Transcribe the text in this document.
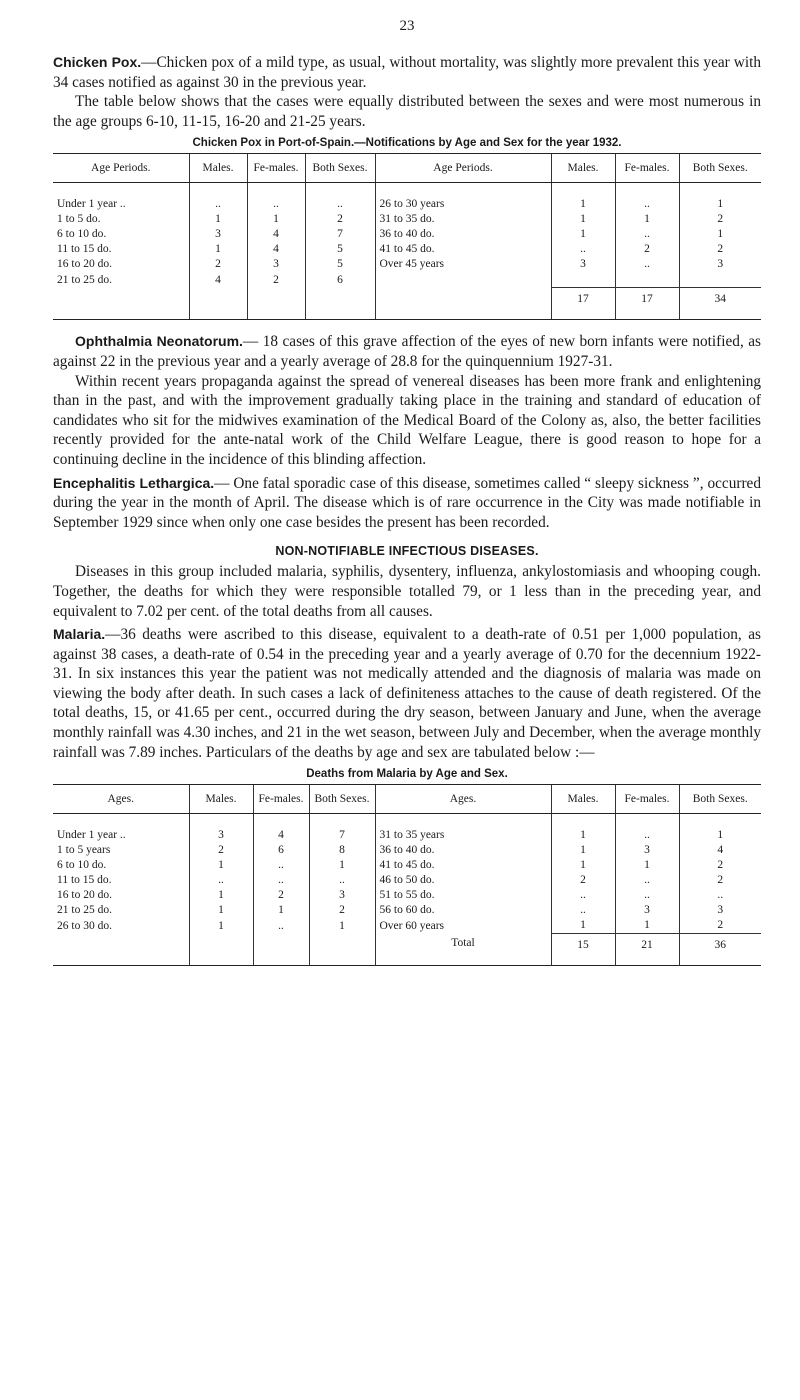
23

Chicken Pox.—Chicken pox of a mild type, as usual, without mortality, was slightly more prevalent this year with 34 cases notified as against 30 in the previous year.

The table below shows that the cases were equally distributed between the sexes and were most numerous in the age groups 6-10, 11-15, 16-20 and 21-25 years.

Chicken Pox in Port-of-Spain.—Notifications by Age and Sex for the year 1932.
Age Periods.	Males.	Fe-males.	Both Sexes.	Age Periods.	Males.	Fe-males.	Both Sexes.
Under 1 year ..	..	..	..	26 to 30 years	1	..	1
1 to 5 do.	1	1	2	31 to 35 do.	1	1	2
6 to 10 do.	3	4	7	36 to 40 do.	1	..	1
11 to 15 do.	1	4	5	41 to 45 do.	..	2	2
16 to 20 do.	2	3	5	Over 45 years	3	..	3
21 to 25 do.	4	2	6				
					17	17	34

Ophthalmia Neonatorum.— 18 cases of this grave affection of the eyes of new born infants were notified, as against 22 in the previous year and a yearly average of 28.8 for the quinquennium 1927-31.

Within recent years propaganda against the spread of venereal diseases has been more frank and enlightening than in the past, and with the improvement gradually taking place in the training and standard of education of candidates who sit for the midwives examination of the Medical Board of the Colony as, also, the better facilities recently provided for the ante-natal work of the Child Welfare League, there is good reason to hope for a continuing decline in the incidence of this blinding affection.

Encephalitis Lethargica.— One fatal sporadic case of this disease, sometimes called “ sleepy sickness ”, occurred during the year in the month of April. The disease which is of rare occurrence in the City was made notifiable in September 1929 since when only one case besides the present has been recorded.

NON-NOTIFIABLE INFECTIOUS DISEASES.

Diseases in this group included malaria, syphilis, dysentery, influenza, ankylostomiasis and whooping cough. Together, the deaths for which they were responsible totalled 79, or 1 less than in the preceding year, and equivalent to 7.02 per cent. of the total deaths from all causes.

Malaria.—36 deaths were ascribed to this disease, equivalent to a death-rate of 0.51 per 1,000 population, as against 38 cases, a death-rate of 0.54 in the preceding year and a yearly average of 0.70 for the decennium 1922-31. In six instances this year the patient was not medically attended and the diagnosis of malaria was made on viewing the body after death. In such cases a lack of definiteness attaches to the cause of death registered. Of the total deaths, 15, or 41.65 per cent., occurred during the dry season, between January and June, when the average monthly rainfall was 4.30 inches, and 21 in the wet season, between July and December, when the average monthly rainfall was 7.89 inches. Particulars of the deaths by age and sex are tabulated below :—

Deaths from Malaria by Age and Sex.
Ages.	Males.	Fe-males.	Both Sexes.	Ages.	Males.	Fe-males.	Both Sexes.
Under 1 year ..	3	4	7	31 to 35 years	1	..	1
1 to 5 years	2	6	8	36 to 40 do.	1	3	4
6 to 10 do.	1	..	1	41 to 45 do.	1	1	2
11 to 15 do.	..	..	..	46 to 50 do.	2	..	2
16 to 20 do.	1	2	3	51 to 55 do.	..	..	..
21 to 25 do.	1	1	2	56 to 60 do.	..	3	3
26 to 30 do.	1	..	1	Over 60 years	1	1	2
				Total	15	21	36
